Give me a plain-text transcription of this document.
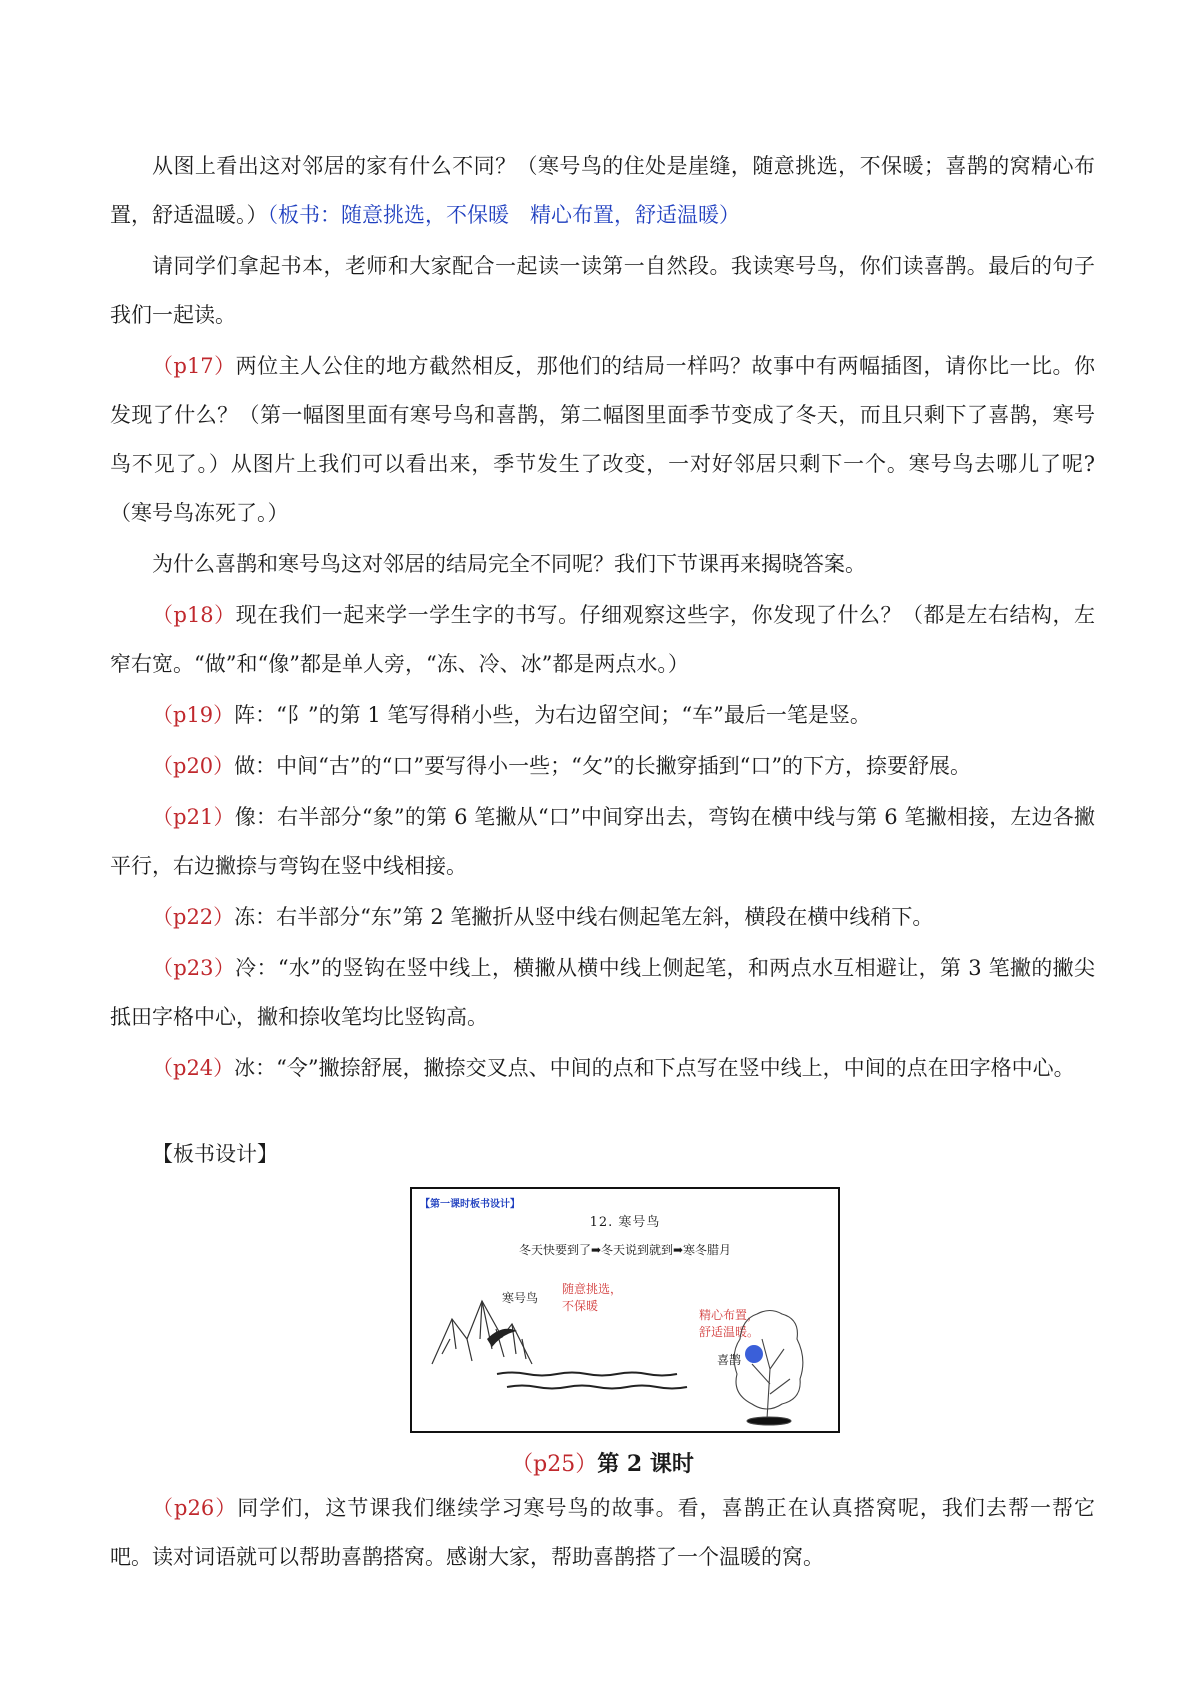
从图上看出这对邻居的家有什么不同？（寒号鸟的住处是崖缝，随意挑选，不保暖；喜鹊的窝精心布置，舒适温暖。）（板书：随意挑选，不保暖　精心布置，舒适温暖）

请同学们拿起书本，老师和大家配合一起读一读第一自然段。我读寒号鸟，你们读喜鹊。最后的句子我们一起读。

（p17）两位主人公住的地方截然相反，那他们的结局一样吗？故事中有两幅插图，请你比一比。你发现了什么？（第一幅图里面有寒号鸟和喜鹊，第二幅图里面季节变成了冬天，而且只剩下了喜鹊，寒号鸟不见了。）从图片上我们可以看出来，季节发生了改变，一对好邻居只剩下一个。寒号鸟去哪儿了呢?（寒号鸟冻死了。）

为什么喜鹊和寒号鸟这对邻居的结局完全不同呢？我们下节课再来揭晓答案。

（p18）现在我们一起来学一学生字的书写。仔细观察这些字，你发现了什么？（都是左右结构，左窄右宽。“做”和“像”都是单人旁，“冻、冷、冰”都是两点水。）

（p19）阵：“阝”的第 1 笔写得稍小些，为右边留空间；“车”最后一笔是竖。

（p20）做：中间“古”的“口”要写得小一些；“攵”的长撇穿插到“口”的下方，捺要舒展。

（p21）像：右半部分“象”的第 6 笔撇从“口”中间穿出去，弯钩在横中线与第 6 笔撇相接，左边各撇平行，右边撇捺与弯钩在竖中线相接。

（p22）冻：右半部分“东”第 2 笔撇折从竖中线右侧起笔左斜，横段在横中线稍下。

（p23）冷：“水”的竖钩在竖中线上，横撇从横中线上侧起笔，和两点水互相避让，第 3 笔撇的撇尖抵田字格中心，撇和捺收笔均比竖钩高。

（p24）冰：“令”撇捺舒展，撇捺交叉点、中间的点和下点写在竖中线上，中间的点在田字格中心。

【板书设计】
【第一课时板书设计】
12. 寒号鸟
冬天快要到了➡冬天说到就到➡寒冬腊月
寒号鸟
随意挑选，不保暖
精心布置，舒适温暖。
喜鹊
（p25）第 2 课时

（p26）同学们，这节课我们继续学习寒号鸟的故事。看，喜鹊正在认真搭窝呢，我们去帮一帮它吧。读对词语就可以帮助喜鹊搭窝。感谢大家，帮助喜鹊搭了一个温暖的窝。
